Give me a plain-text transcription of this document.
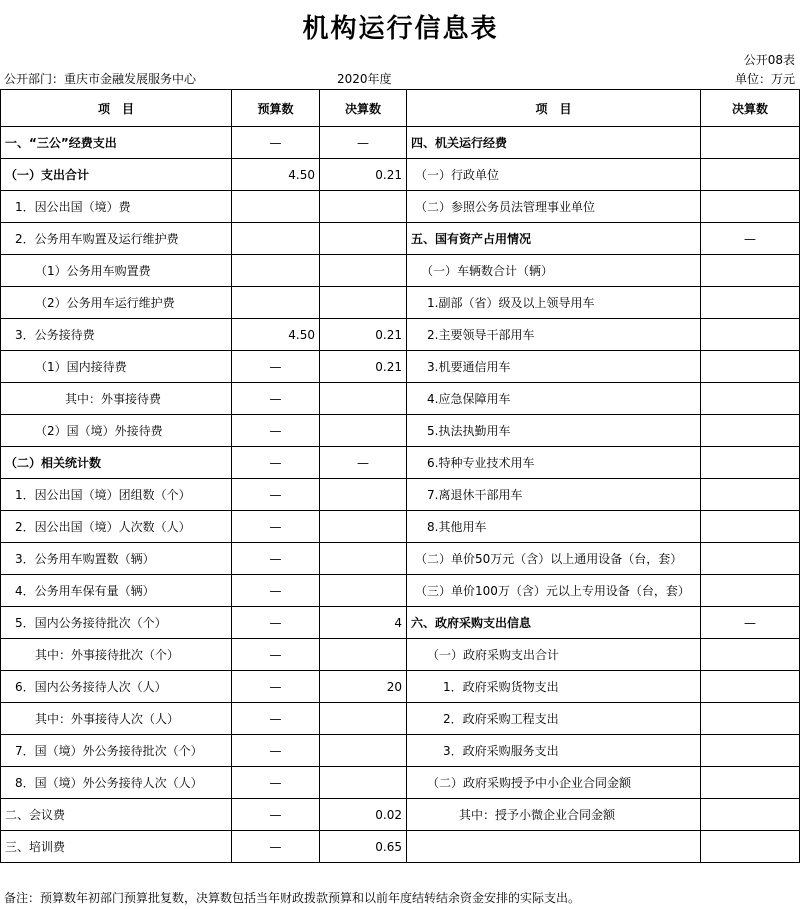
机构运行信息表
公开08表
公开部门：重庆市金融发展服务中心	2020年度	单位：万元
项　目	预算数	决算数	项　目	决算数
一、“三公”经费支出	—	—	四、机关运行经费	
（一）支出合计	4.50	0.21	（一）行政单位	
1．因公出国（境）费			（二）参照公务员法管理事业单位	
2．公务用车购置及运行维护费			五、国有资产占用情况	—
（1）公务用车购置费			（一）车辆数合计（辆）	
（2）公务用车运行维护费			1.副部（省）级及以上领导用车	
3．公务接待费	4.50	0.21	2.主要领导干部用车	
（1）国内接待费	—	0.21	3.机要通信用车	
其中：外事接待费	—		4.应急保障用车	
（2）国（境）外接待费	—		5.执法执勤用车	
（二）相关统计数	—	—	6.特种专业技术用车	
1．因公出国（境）团组数（个）	—		7.离退休干部用车	
2．因公出国（境）人次数（人）	—		8.其他用车	
3．公务用车购置数（辆）	—		（二）单价50万元（含）以上通用设备（台，套）	
4．公务用车保有量（辆）	—		（三）单价100万（含）元以上专用设备（台，套）	
5．国内公务接待批次（个）	—	4	六、政府采购支出信息	—
其中：外事接待批次（个）	—		（一）政府采购支出合计	
6．国内公务接待人次（人）	—	20	1．政府采购货物支出	
其中：外事接待人次（人）	—		2．政府采购工程支出	
7．国（境）外公务接待批次（个）	—		3．政府采购服务支出	
8．国（境）外公务接待人次（人）	—		（二）政府采购授予中小企业合同金额	
二、会议费	—	0.02	其中：授予小微企业合同金额	
三、培训费	—	0.65		
备注：预算数年初部门预算批复数，决算数包括当年财政拨款预算和以前年度结转结余资金安排的实际支出。
